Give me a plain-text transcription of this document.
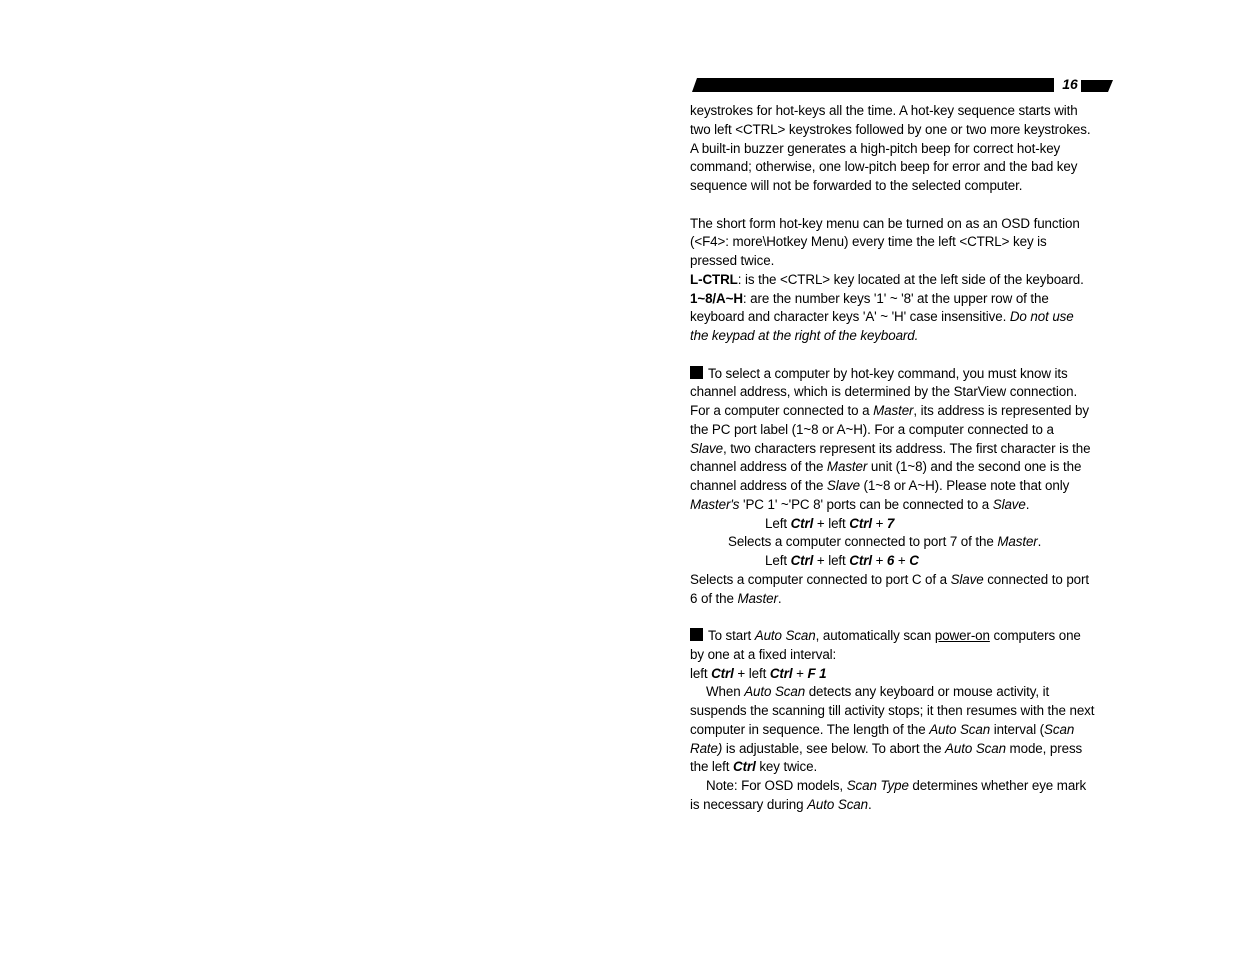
16

keystrokes for hot-keys all the time. A hot-key sequence starts with

two left <CTRL> keystrokes followed by one or two more keystrokes.

A built-in buzzer generates a high-pitch beep for correct hot-key

command; otherwise, one low-pitch beep for error and the bad key

sequence will not be forwarded to the selected computer.

The short form hot-key menu can be turned on as an OSD function

(<F4>: more\Hotkey Menu) every time the left <CTRL> key is

pressed twice.

L-CTRL: is the <CTRL> key located at the left side of the keyboard.

1~8/A~H: are the number keys '1' ~ '8' at the upper row of the

keyboard and character keys 'A' ~ 'H' case insensitive. Do not use

the keypad at the right of the keyboard.

To select a computer by hot-key command, you must know its

channel address, which is determined by the StarView connection.

For a computer connected to a Master, its address is represented by

the PC port label (1~8 or A~H). For a computer connected to a

Slave, two characters represent its address. The first character is the

channel address of the Master unit (1~8) and the second one is the

channel address of the Slave (1~8 or A~H). Please note that only

Master's 'PC 1' ~'PC 8' ports can be connected to a Slave.

Left Ctrl + left Ctrl + 7

Selects a computer connected to port 7 of the Master.

Left Ctrl + left Ctrl + 6 + C

Selects a computer connected to port C of a Slave connected to port

6 of the Master.

To start Auto Scan, automatically scan power-on computers one

by one at a fixed interval:

left Ctrl + left Ctrl + F 1

When Auto Scan detects any keyboard or mouse activity, it

suspends the scanning till activity stops; it then resumes with the next

computer in sequence. The length of the Auto Scan interval (Scan

Rate) is adjustable, see below. To abort the Auto Scan mode, press

the left Ctrl key twice.

Note: For OSD models, Scan Type determines whether eye mark

is necessary during Auto Scan.
